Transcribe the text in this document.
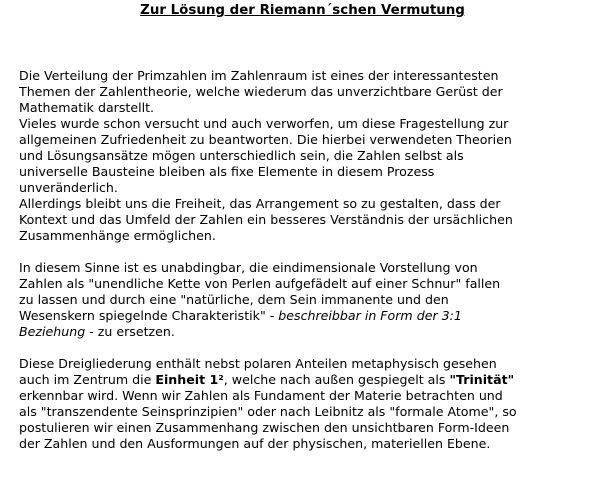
Zur Lösung der Riemann´schen Vermutung
Die Verteilung der Primzahlen im Zahlenraum ist eines der interessantesten
Themen der Zahlentheorie, welche wiederum das unverzichtbare Gerüst der
Mathematik darstellt.
Vieles wurde schon versucht und auch verworfen, um diese Fragestellung zur
allgemeinen Zufriedenheit zu beantworten. Die hierbei verwendeten Theorien
und Lösungsansätze mögen unterschiedlich sein, die Zahlen selbst als
universelle Bausteine bleiben als fixe Elemente in diesem Prozess
unveränderlich.
Allerdings bleibt uns die Freiheit, das Arrangement so zu gestalten, dass der
Kontext und das Umfeld der Zahlen ein besseres Verständnis der ursächlichen
Zusammenhänge ermöglichen.
In diesem Sinne ist es unabdingbar, die eindimensionale Vorstellung von
Zahlen als "unendliche Kette von Perlen aufgefädelt auf einer Schnur" fallen
zu lassen und durch eine "natürliche, dem Sein immanente und den
Wesenskern spiegelnde Charakteristik" - beschreibbar in Form der 3:1
Beziehung - zu ersetzen.
Diese Dreigliederung enthält nebst polaren Anteilen metaphysisch gesehen
auch im Zentrum die Einheit 1², welche nach außen gespiegelt als "Trinität"
erkennbar wird. Wenn wir Zahlen als Fundament der Materie betrachten und
als "transzendente Seinsprinzipien" oder nach Leibnitz als "formale Atome", so
postulieren wir einen Zusammenhang zwischen den unsichtbaren Form-Ideen
der Zahlen und den Ausformungen auf der physischen, materiellen Ebene.
